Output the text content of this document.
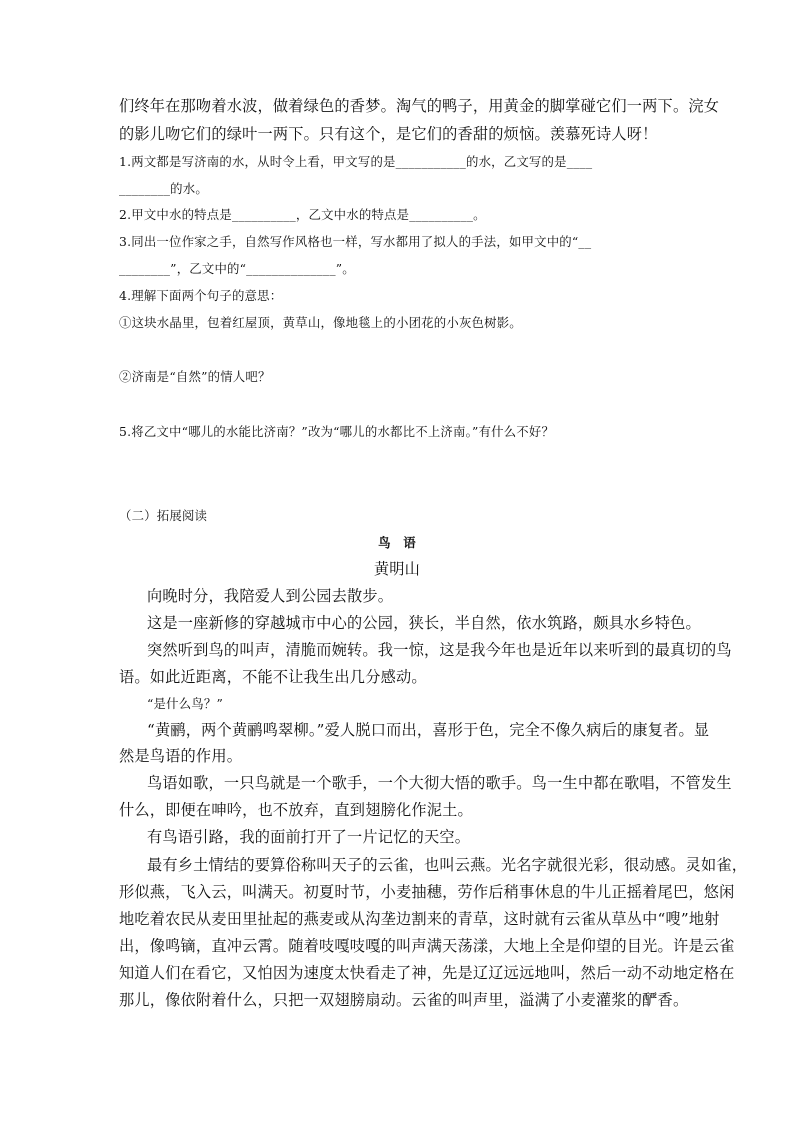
们终年在那吻着水波，做着绿色的香梦。淘气的鸭子，用黄金的脚掌碰它们一两下。浣女
的影儿吻它们的绿叶一两下。只有这个，是它们的香甜的烦恼。羡慕死诗人呀！
1.两文都是写济南的水，从时令上看，甲文写的是___________的水，乙文写的是____
________的水。
2.甲文中水的特点是__________，乙文中水的特点是__________。
3.同出一位作家之手，自然写作风格也一样，写水都用了拟人的手法，如甲文中的“__
________”，乙文中的“______________”。
4.理解下面两个句子的意思：
①这块水晶里，包着红屋顶，黄草山，像地毯上的小团花的小灰色树影。
②济南是“自然”的情人吧？
5.将乙文中“哪儿的水能比济南？”改为“哪儿的水都比不上济南。”有什么不好？
（二）拓展阅读
鸟　语
黄明山
向晚时分，我陪爱人到公园去散步。
这是一座新修的穿越城市中心的公园，狭长，半自然，依水筑路，颇具水乡特色。
突然听到鸟的叫声，清脆而婉转。我一惊，这是我今年也是近年以来听到的最真切的鸟
语。如此近距离，不能不让我生出几分感动。
“是什么鸟？”
“黄鹂，两个黄鹂鸣翠柳。”爱人脱口而出，喜形于色，完全不像久病后的康复者。显
然是鸟语的作用。
鸟语如歌，一只鸟就是一个歌手，一个大彻大悟的歌手。鸟一生中都在歌唱，不管发生
什么，即便在呻吟，也不放弃，直到翅膀化作泥土。
有鸟语引路，我的面前打开了一片记忆的天空。
最有乡土情结的要算俗称叫天子的云雀，也叫云燕。光名字就很光彩，很动感。灵如雀，
形似燕，飞入云，叫满天。初夏时节，小麦抽穗，劳作后稍事休息的牛儿正摇着尾巴，悠闲
地吃着农民从麦田里扯起的燕麦或从沟垄边割来的青草，这时就有云雀从草丛中“嗖”地射
出，像鸣镝，直冲云霄。随着吱嘎吱嘎的叫声满天荡漾，大地上全是仰望的目光。许是云雀
知道人们在看它，又怕因为速度太快看走了神，先是辽辽远远地叫，然后一动不动地定格在
那儿，像依附着什么，只把一双翅膀扇动。云雀的叫声里，溢满了小麦灌浆的酽香。
